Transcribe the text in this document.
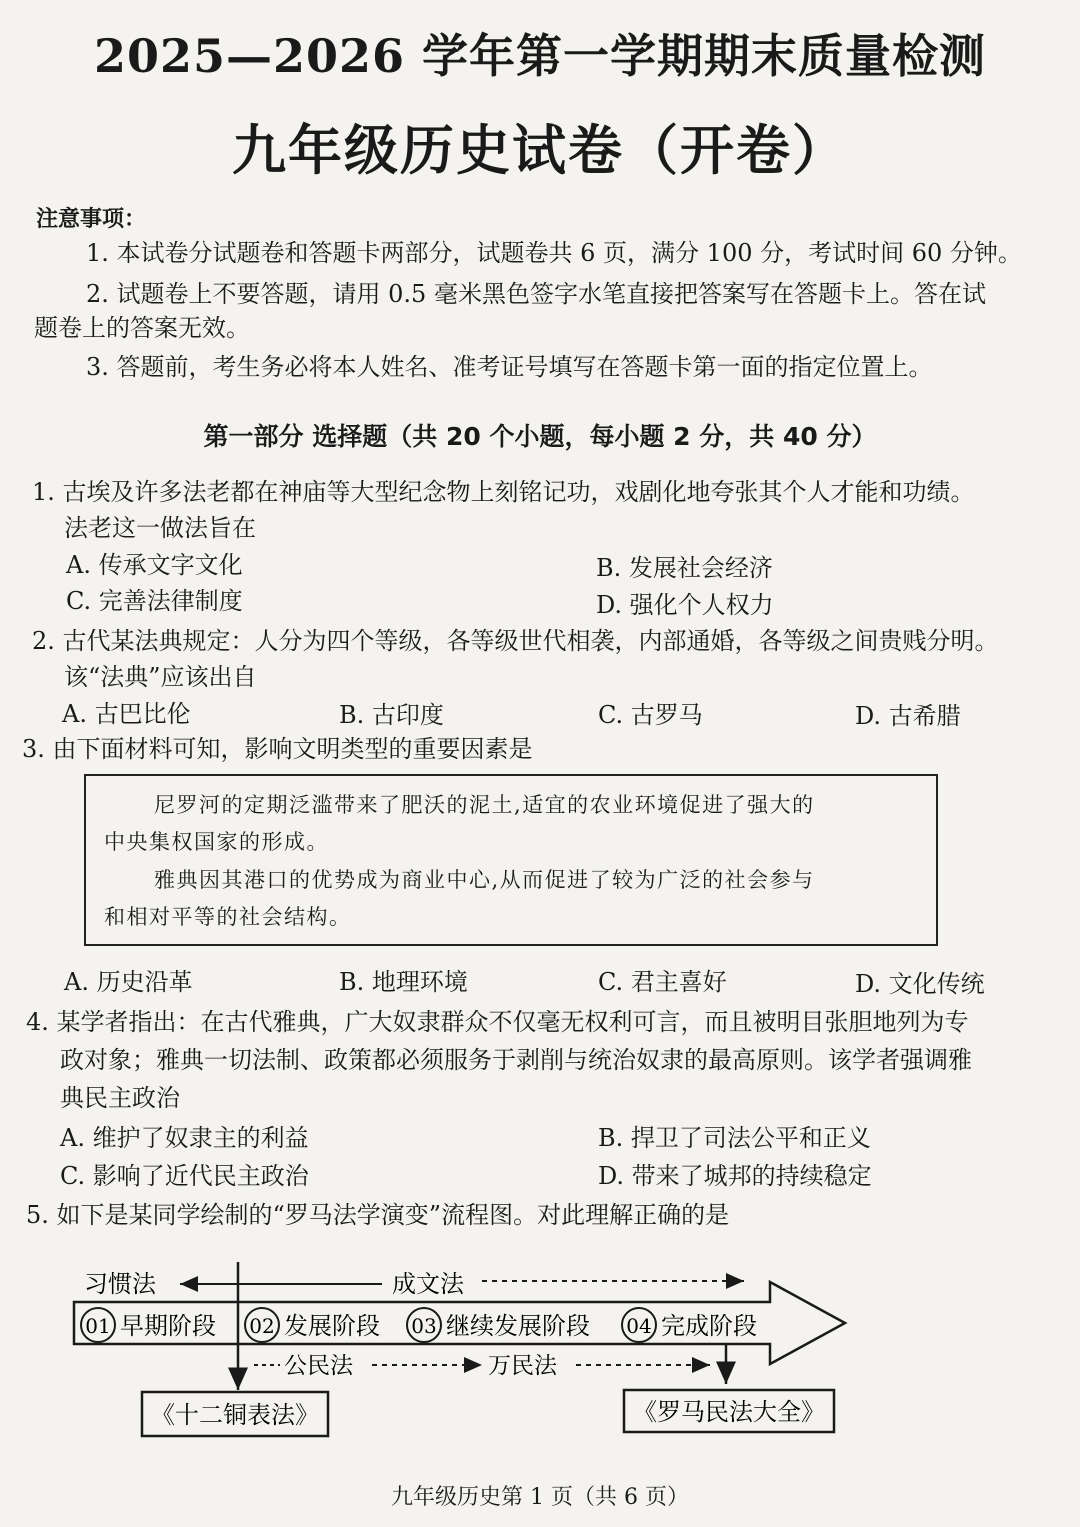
2025—2026 学年第一学期期末质量检测
九年级历史试卷（开卷）
注意事项：
1. 本试卷分试题卷和答题卡两部分，试题卷共 6 页，满分 100 分，考试时间 60 分钟。
2. 试题卷上不要答题，请用 0.5 毫米黑色签字水笔直接把答案写在答题卡上。答在试
题卷上的答案无效。
3. 答题前，考生务必将本人姓名、准考证号填写在答题卡第一面的指定位置上。
第一部分 选择题（共 20 个小题，每小题 2 分，共 40 分）
1. 古埃及许多法老都在神庙等大型纪念物上刻铭记功，戏剧化地夸张其个人才能和功绩。
法老这一做法旨在
A. 传承文字文化	B. 发展社会经济
C. 完善法律制度	D. 强化个人权力
2. 古代某法典规定：人分为四个等级，各等级世代相袭，内部通婚，各等级之间贵贱分明。
该“法典”应该出自
A. 古巴比伦	B. 古印度	C. 古罗马	D. 古希腊
3. 由下面材料可知，影响文明类型的重要因素是
尼罗河的定期泛滥带来了肥沃的泥土,适宜的农业环境促进了强大的
中央集权国家的形成。
雅典因其港口的优势成为商业中心,从而促进了较为广泛的社会参与
和相对平等的社会结构。
A. 历史沿革	B. 地理环境	C. 君主喜好	D. 文化传统
4. 某学者指出：在古代雅典，广大奴隶群众不仅毫无权利可言，而且被明目张胆地列为专
政对象；雅典一切法制、政策都必须服务于剥削与统治奴隶的最高原则。该学者强调雅
典民主政治
A. 维护了奴隶主的利益	B. 捍卫了司法公平和正义
C. 影响了近代民主政治	D. 带来了城邦的持续稳定
5. 如下是某同学绘制的“罗马法学演变”流程图。对此理解正确的是
习惯法	成文法
01 早期阶段 02 发展阶段 03 继续发展阶段 04 完成阶段
公民法	万民法
《十二铜表法》	《罗马民法大全》
九年级历史第 1 页（共 6 页）
